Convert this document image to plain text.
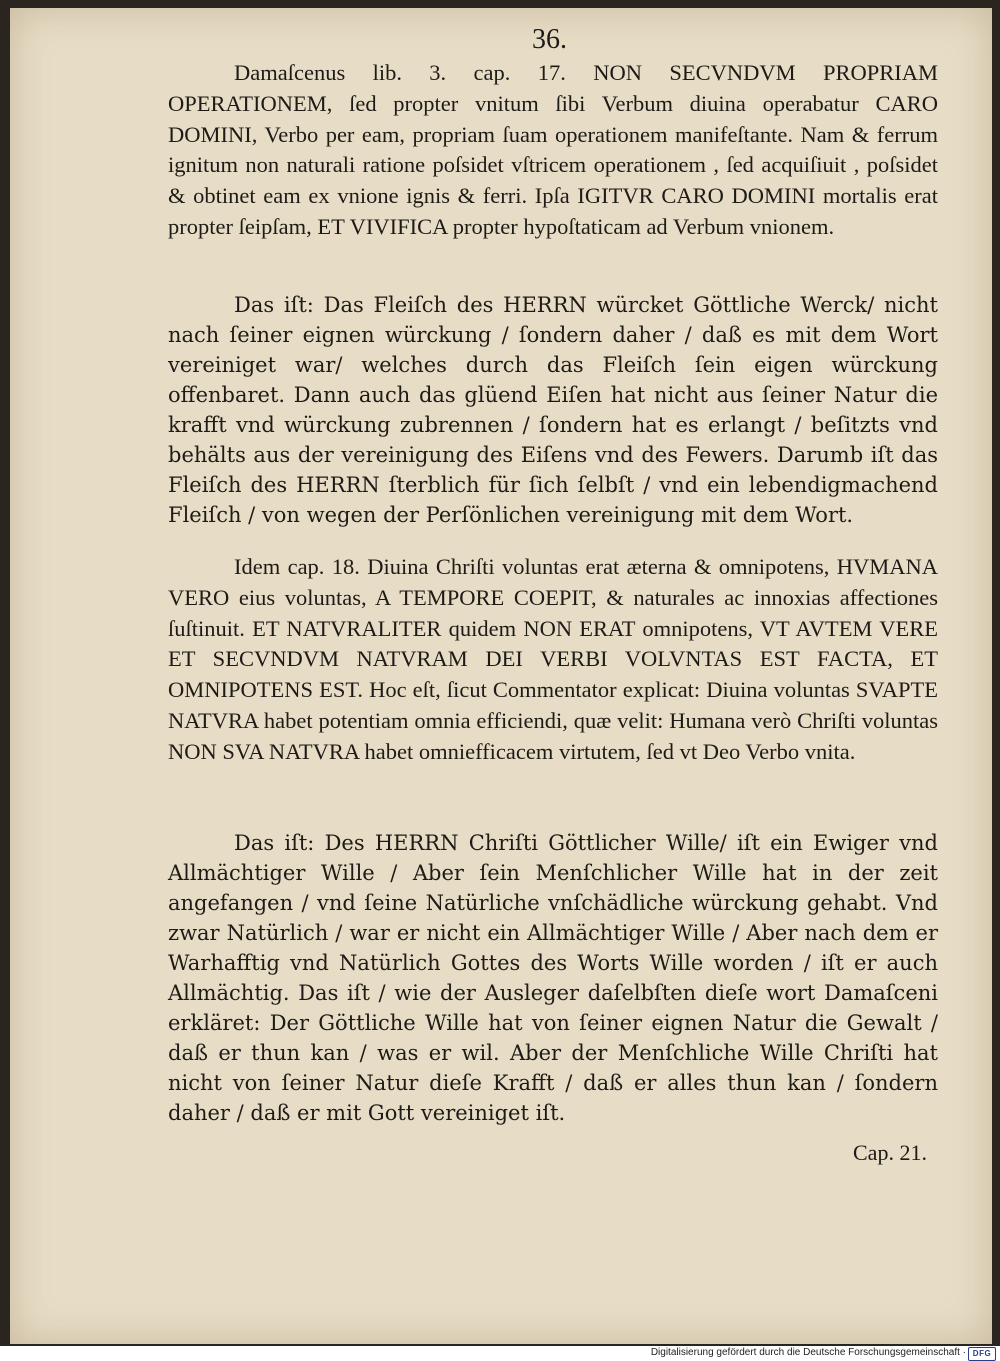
36.

Damaſcenus lib. 3. cap. 17. NON SECVNDVM PROPRIAM OPERATIONEM, ſed propter vnitum ſibi Verbum diuina operabatur CARO DOMINI, Verbo per eam, propriam ſuam operationem manifeſtante. Nam & ferrum ignitum non naturali ratione poſsidet vſtricem operationem , ſed acquiſiuit , poſsidet & obtinet eam ex vnione ignis & ferri. Ipſa IGITVR CARO DOMINI mortalis erat propter ſeipſam, ET VIVIFICA propter hypoſtaticam ad Verbum vnionem.

Das iſt: Das Fleiſch des HERRN würcket Göttliche Werck/ nicht nach ſeiner eignen würckung / ſondern daher / daß es mit dem Wort vereiniget war/ welches durch das Fleiſch ſein eigen würckung offenbaret. Dann auch das glüend Eiſen hat nicht aus ſeiner Natur die krafft vnd würckung zubrennen / ſondern hat es erlangt / beſitzts vnd behälts aus der vereinigung des Eiſens vnd des Fewers. Darumb iſt das Fleiſch des HERRN ſterblich für ſich ſelbſt / vnd ein lebendigmachend Fleiſch / von wegen der Perſönlichen vereinigung mit dem Wort.

Idem cap. 18. Diuina Chriſti voluntas erat æterna & omnipotens, HVMANA VERO eius voluntas, A TEMPORE COEPIT, & naturales ac innoxias affectiones ſuſtinuit. ET NATVRALITER quidem NON ERAT omnipotens, VT AVTEM VERE ET SECVNDVM NATVRAM DEI VERBI VOLVNTAS EST FACTA, ET OMNIPOTENS EST. Hoc eſt, ſicut Commentator explicat: Diuina voluntas SVAPTE NATVRA habet potentiam omnia efficiendi, quæ velit: Humana verò Chriſti voluntas NON SVA NATVRA habet omniefficacem virtutem, ſed vt Deo Verbo vnita.

Das iſt: Des HERRN Chriſti Göttlicher Wille/ iſt ein Ewiger vnd Allmächtiger Wille / Aber ſein Menſchlicher Wille hat in der zeit angefangen / vnd ſeine Natürliche vnſchädliche würckung gehabt. Vnd zwar Natürlich / war er nicht ein Allmächtiger Wille / Aber nach dem er Warhafftig vnd Natürlich Gottes des Worts Wille worden / iſt er auch Allmächtig. Das iſt / wie der Ausleger daſelbſten dieſe wort Damaſceni erkläret: Der Göttliche Wille hat von ſeiner eignen Natur die Gewalt / daß er thun kan / was er wil. Aber der Menſchliche Wille Chriſti hat nicht von ſeiner Natur dieſe Krafft / daß er alles thun kan / ſondern daher / daß er mit Gott vereiniget iſt.

Cap. 21.
Digitalisierung gefördert durch die Deutsche Forschungsgemeinschaft · DFG
